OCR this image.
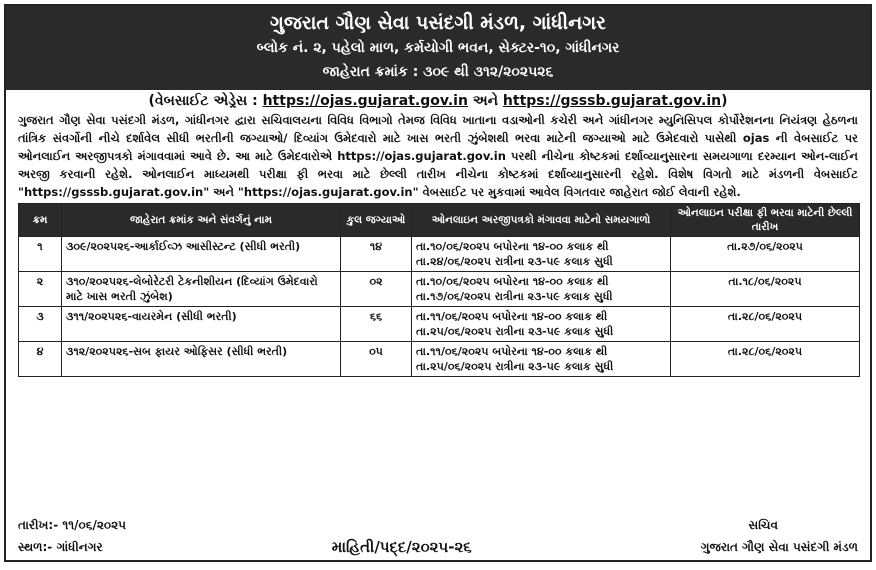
ગુજરાત ગૌણ સેવા પસંદગી મંડળ, ગાંધીનગર
બ્લોક નં. ૨, પહેલો માળ, કર્મયોગી ભવન, સેક્ટર-૧૦, ગાંધીનગર
જાહેરાત ક્રમાંક : ૩૦૯ થી ૩૧૨/૨૦૨૫૨૬
(વેબસાઈટ એડ્રેસ : https://ojas.gujarat.gov.in અને https://gsssb.gujarat.gov.in)
ગુજરાત ગૌણ સેવા પસંદગી મંડળ, ગાંધીનગર દ્વારા સચિવાલયના વિવિધ વિભાગો તેમજ વિવિધ ખાતાના વડાઓની કચેરી અને ગાંધીનગર મ્યુનિસિપલ કોર્પોરેશનના નિયંત્રણ હેઠળના તાંત્રિક સંવર્ગોની નીચે દર્શાવેલ સીધી ભરતીની જગ્યાઓ/ દિવ્યાંગ ઉમેદવારો માટે ખાસ ભરતી ઝુંબેશથી ભરવા માટેની જગ્યાઓ માટે ઉમેદવારો પાસેથી ojas ની વેબસાઈટ પર ઓનલાઈન અરજીપત્રકો મંગાવવામાં આવે છે. આ માટે ઉમેદવારોએ https://ojas.gujarat.gov.in પરથી નીચેના કોષ્ટકમાં દર્શાવ્યાનુસારના સમયગાળા દરમ્યાન ઓન-લાઈન અરજી કરવાની રહેશે. ઓનલાઈન માધ્યમથી પરીક્ષા ફી ભરવા માટે છેલ્લી તારીખ નીચેના કોષ્ટકમાં દર્શાવ્યાનુસારની રહેશે. વિશેષ વિગતો માટે મંડળની વેબસાઈટ "https://gsssb.gujarat.gov.in" અને "https://ojas.gujarat.gov.in" વેબસાઈટ પર મુકવામાં આવેલ વિગતવાર જાહેરાત જોઈ લેવાની રહેશે.
ક્રમ	જાહેરાત ક્રમાંક અને સંવર્ગનું નામ	કુલ જગ્યાઓ	ઓનલાઇન અરજીપત્રકો મંગાવવા માટેનો સમયગાળો	ઓનલાઇન પરીક્ષા ફી ભરવા માટેની છેલ્લી તારીખ
૧	૩૦૯/૨૦૨૫૨૬-આર્કાઈવ્ઝ આસીસ્ટન્ટ (સીધી ભરતી)	૧૪	તા.૧૦/૦૬/૨૦૨૫ બપોરના ૧૪-૦૦ કલાક થી તા.૨૪/૦૬/૨૦૨૫ રાત્રીના ૨૩-૫૯ કલાક સુધી	તા.૨૭/૦૬/૨૦૨૫
૨	૩૧૦/૨૦૨૫૨૬-લેબોરેટરી ટેકનીશીયન (દિવ્યાંગ ઉમેદવારો માટે ખાસ ભરતી ઝુંબેશ)	૦૨	તા.૧૦/૦૬/૨૦૨૫ બપોરના ૧૪-૦૦ કલાક થી તા.૧૭/૦૬/૨૦૨૫ રાત્રીના ૨૩-૫૯ કલાક સુધી	તા.૧૮/૦૬/૨૦૨૫
૩	૩૧૧/૨૦૨૫૨૬-વાયરમેન (સીધી ભરતી)	૬૬	તા.૧૧/૦૬/૨૦૨૫ બપોરના ૧૪-૦૦ કલાક થી તા.૨૫/૦૬/૨૦૨૫ રાત્રીના ૨૩-૫૯ કલાક સુધી	તા.૨૮/૦૬/૨૦૨૫
૪	૩૧૨/૨૦૨૫૨૬-સબ ફાયર ઓફિસર (સીધી ભરતી)	૦૫	તા.૧૧/૦૬/૨૦૨૫ બપોરના ૧૪-૦૦ કલાક થી તા.૨૫/૦૬/૨૦૨૫ રાત્રીના ૨૩-૫૯ કલાક સુધી	તા.૨૮/૦૬/૨૦૨૫
તારીખ:- ૧૧/૦૬/૨૦૨૫	સચિવ
સ્થળ:- ગાંધીનગર	માહિતી/પદ્દ/૨૦૨૫-૨૬	ગુજરાત ગૌણ સેવા પસંદગી મંડળ
